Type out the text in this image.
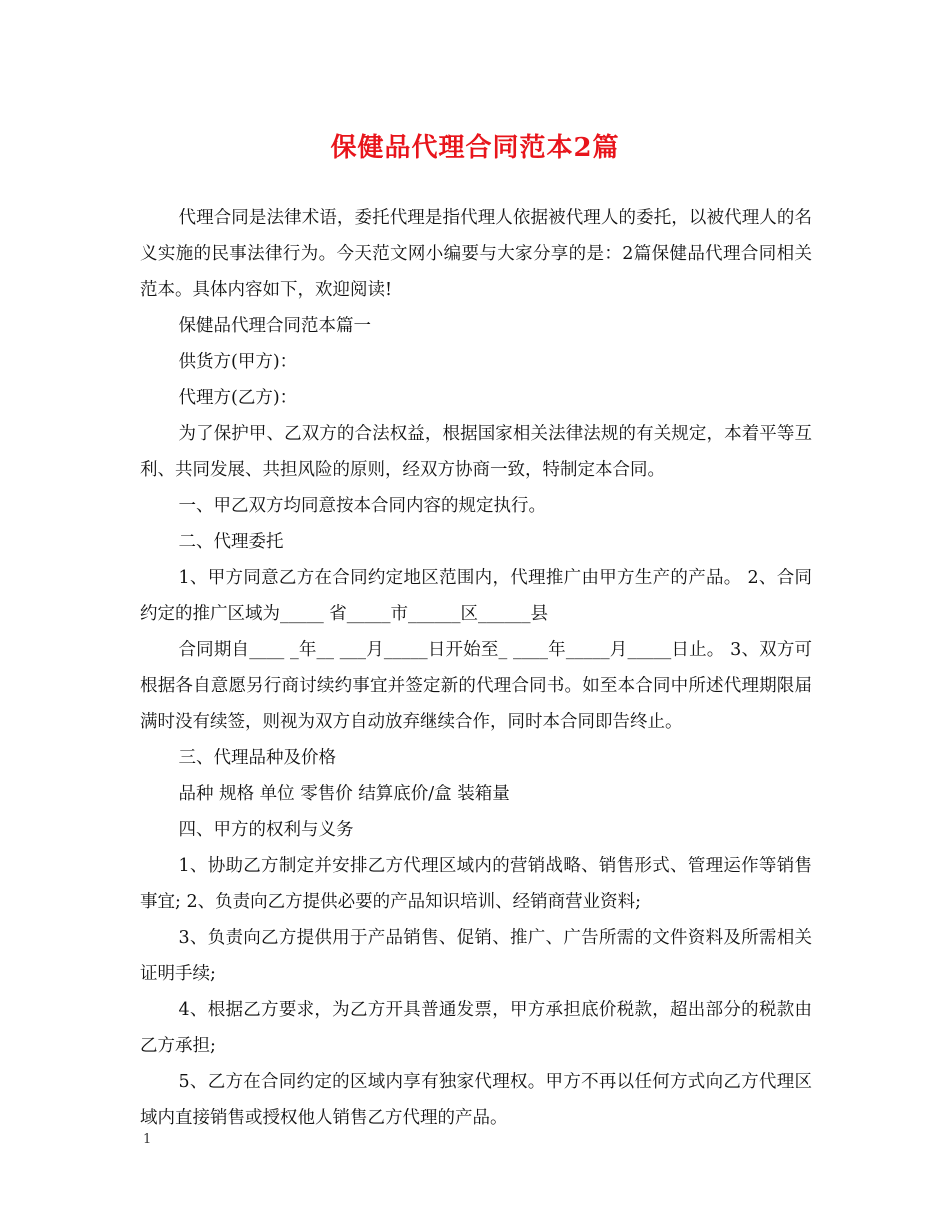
保健品代理合同范本2篇

代理合同是法律术语，委托代理是指代理人依据被代理人的委托，以被代理人的名义实施的民事法律行为。今天范文网小编要与大家分享的是：2篇保健品代理合同相关范本。具体内容如下，欢迎阅读!

保健品代理合同范本篇一

供货方(甲方)：

代理方(乙方)：

为了保护甲、乙双方的合法权益，根据国家相关法律法规的有关规定，本着平等互利、共同发展、共担风险的原则，经双方协商一致，特制定本合同。

一、甲乙双方均同意按本合同内容的规定执行。

二、代理委托

1、甲方同意乙方在合同约定地区范围内，代理推广由甲方生产的产品。 2、合同约定的推广区域为_____ 省_____市______区______县

合同期自____ _年__ ___月_____日开始至_ ____年_____月_____日止。 3、双方可根据各自意愿另行商讨续约事宜并签定新的代理合同书。如至本合同中所述代理期限届满时没有续签，则视为双方自动放弃继续合作，同时本合同即告终止。

三、代理品种及价格

品种 规格 单位 零售价 结算底价/盒 装箱量

四、甲方的权利与义务

1、协助乙方制定并安排乙方代理区域内的营销战略、销售形式、管理运作等销售事宜; 2、负责向乙方提供必要的产品知识培训、经销商营业资料;

3、负责向乙方提供用于产品销售、促销、推广、广告所需的文件资料及所需相关证明手续;

4、根据乙方要求，为乙方开具普通发票，甲方承担底价税款，超出部分的税款由乙方承担;

5、乙方在合同约定的区域内享有独家代理权。甲方不再以任何方式向乙方代理区域内直接销售或授权他人销售乙方代理的产品。

1
